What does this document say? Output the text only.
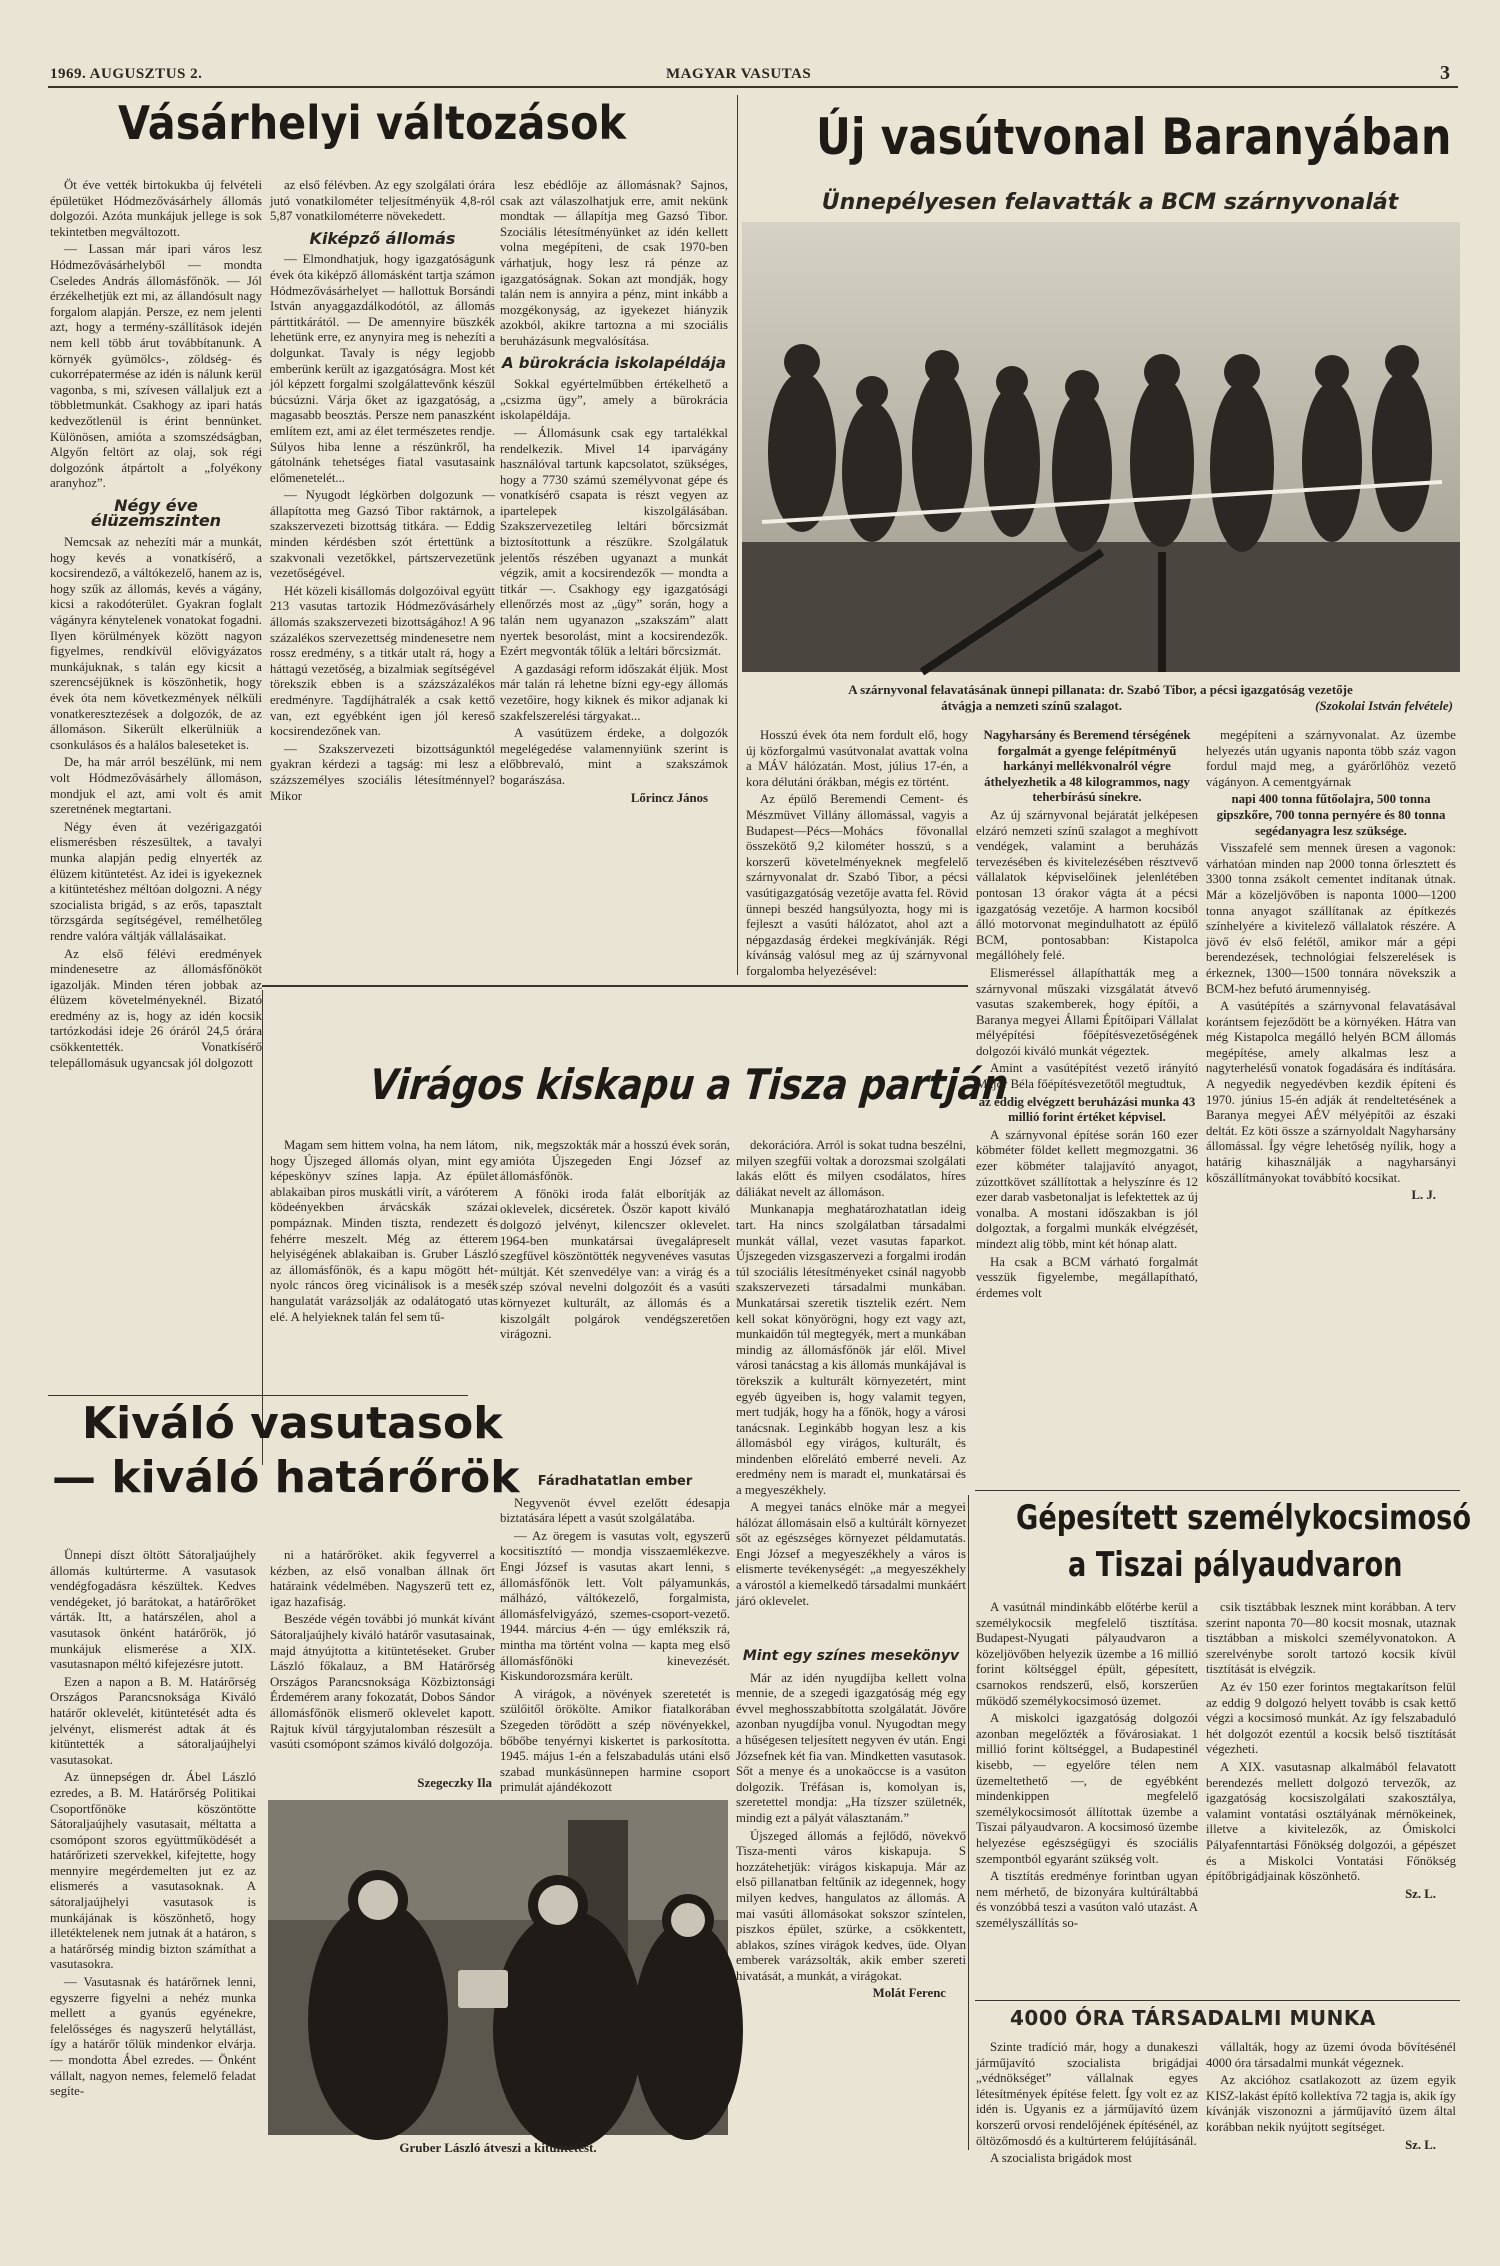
1969. AUGUSZTUS 2.	MAGYAR VASUTAS	3
Vásárhelyi változások

Öt éve vették birtokukba új felvételi épületüket Hódmezővásárhely állomás dolgozói. Azóta munkájuk jellege is sok tekintetben megváltozott.

— Lassan már ipari város lesz Hódmezővásárhelyből — mondta Cseledes András állomásfőnök. — Jól érzékelhetjük ezt mi, az állandósult nagy forgalom alapján. Persze, ez nem jelenti azt, hogy a termény-szállítások idején nem kell több árut továbbítanunk. A környék gyümölcs-, zöldség- és cukorrépatermése az idén is nálunk kerül vagonba, s mi, szívesen vállaljuk ezt a többletmunkát. Csakhogy az ipari hatás kedvezőtlenül is érint bennünket. Különösen, amióta a szomszédságban, Algyőn feltört az olaj, sok régi dolgozónk átpártolt a „folyékony aranyhoz”.

Négy éve élüzemszinten

Nemcsak az nehezíti már a munkát, hogy kevés a vonatkísérő, a kocsirendező, a váltókezelő, hanem az is, hogy szűk az állomás, kevés a vágány, kicsi a rakodóterület. Gyakran foglalt vágányra kénytelenek vonatokat fogadni. Ilyen körülmények között nagyon figyelmes, rendkívül elővigyázatos munkájuknak, s talán egy kicsit a szerencséjüknek is köszönhetik, hogy évek óta nem következmények nélküli vonatkeresztezések a dolgozók, de az állomáson. Sikerült elkerülniük a csonkulásos és a halálos baleseteket is.

De, ha már arról beszélünk, mi nem volt Hódmezővásárhely állomáson, mondjuk el azt, ami volt és amit szeretnének megtartani.

Négy éven át vezérigazgatói elismerésben részesültek, a tavalyi munka alapján pedig elnyerték az élüzem kitüntetést. Az idei is igyekeznek a kitüntetéshez méltóan dolgozni. A négy szocialista brigád, s az erős, tapasztalt törzsgárda segítségével, remélhetőleg rendre valóra váltják vállalásaikat.

Az első félévi eredmények mindenesetre az állomásfőnököt igazolják. Minden téren jobbak az élüzem követelményeknél. Bizató eredmény az is, hogy az idén kocsik tartózkodási ideje 26 óráról 24,5 órára csökkentették. Vonatkísérő telepállomásuk ugyancsak jól dolgozott

az első félévben. Az egy szolgálati órára jutó vonatkilométer teljesítményük 4,8-ról 5,87 vonatkilométerre növekedett.

Kiképző állomás

— Elmondhatjuk, hogy igazgatóságunk évek óta kiképző állomásként tartja számon Hódmezővásárhelyet — hallottuk Borsándi István anyaggazdálkodótól, az állomás párttitkárától. — De amennyire büszkék lehetünk erre, ez anynyira meg is nehezíti a dolgunkat. Tavaly is négy legjobb emberünk került az igazgatóságra. Most két jól képzett forgalmi szolgálattevőnk készül búcsúzni. Várja őket az igazgatóság, a magasabb beosztás. Persze nem panaszként említem ezt, ami az élet természetes rendje. Súlyos hiba lenne a részünkről, ha gátolnánk tehetséges fiatal vasutasaink előmenetelét...

— Nyugodt légkörben dolgozunk — állapította meg Gazsó Tibor raktárnok, a szakszervezeti bizottság titkára. — Eddig minden kérdésben szót értettünk a szakvonali vezetőkkel, pártszervezetünk vezetőségével.

Hét közeli kisállomás dolgozóival együtt 213 vasutas tartozik Hódmezővásárhely állomás szakszervezeti bizottságához! A 96 százalékos szervezettség mindenesetre nem rossz eredmény, s a titkár utalt rá, hogy a háttagú vezetőség, a bizalmiak segítségével törekszik ebben is a százszázalékos eredményre. Tagdíjhátralék a csak kettő van, ezt egyébként igen jól kereső kocsirendezőnek van.

— Szakszervezeti bizottságunktól gyakran kérdezi a tagság: mi lesz a százszemélyes szociális létesítménnyel? Mikor

lesz ebédlője az állomásnak? Sajnos, csak azt válaszolhatjuk erre, amit nekünk mondtak — állapítja meg Gazsó Tibor. Szociális létesítményünket az idén kellett volna megépíteni, de csak 1970-ben várhatjuk, hogy lesz rá pénze az igazgatóságnak. Sokan azt mondják, hogy talán nem is annyira a pénz, mint inkább a mozgékonyság, az igyekezet hiányzik azokból, akikre tartozna a mi szociális beruházásunk megvalósítása.

A bürokrácia iskolapéldája

Sokkal egyértelműbben értékelhető a „csizma ügy”, amely a bürokrácia iskolapéldája.

— Állomásunk csak egy tartalékkal rendelkezik. Mivel 14 iparvágány használóval tartunk kapcsolatot, szükséges, hogy a 7730 számú személyvonat gépe és vonatkísérő csapata is részt vegyen az ipartelepek kiszolgálásában. Szakszervezetileg leltári bőrcsizmát biztosítottunk a részükre. Szolgálatuk jelentős részében ugyanazt a munkát végzik, amit a kocsirendezők — mondta a titkár —. Csakhogy egy igazgatósági ellenőrzés most az „ügy” során, hogy a talán nem ugyanazon „szakszám” alatt nyertek besorolást, mint a kocsirendezők. Ezért megvonták tőlük a leltári bőrcsizmát.

A gazdasági reform időszakát éljük. Most már talán rá lehetne bízni egy-egy állomás vezetőire, hogy kiknek és mikor adjanak ki szakfelszerelési tárgyakat...

A vasútüzem érdeke, a dolgozók megelégedése valamennyiünk szerint is előbbrevaló, mint a szakszámok bogarászása.

Lőrincz János

Új vasútvonal Baranyában
Ünnepélyesen felavatták a BCM szárnyvonalát
A szárnyvonal felavatásának ünnepi pillanata: dr. Szabó Tibor, a pécsi igazgatóság vezetője
átvágja a nemzeti színű szalagot.	(Szokolai István felvétele)

Hosszú évek óta nem fordult elő, hogy új közforgalmú vasútvonalat avattak volna a MÁV hálózatán. Most, július 17-én, a kora délutáni órákban, mégis ez történt.

Az épülő Beremendi Cement- és Mészmüvet Villány állomással, vagyis a Budapest—Pécs—Mohács fővonallal összekötő 9,2 kilométer hosszú, s a korszerű követelményeknek megfelelő szárnyvonalat dr. Szabó Tibor, a pécsi vasútigazgatóság vezetője avatta fel. Rövid ünnepi beszéd hangsúlyozta, hogy mi is fejleszt a vasúti hálózatot, ahol azt a népgazdaság érdekei megkívánják. Régi kívánság valósul meg az új szárnyvonal forgalomba helyezésével:

Nagyharsány és Beremend térségének forgalmát a gyenge felépítményű harkányi mellékvonalról végre áthelyezhetik a 48 kilogrammos, nagy teherbírású sínekre.

Az új szárnyvonal bejáratát jelképesen elzáró nemzeti színű szalagot a meghívott vendégek, valamint a beruházás tervezésében és kivitelezésében résztvevő vállalatok képviselőinek jelenlétében pontosan 13 órakor vágta át a pécsi igazgatóság vezetője. A harmon kocsiból álló motorvonat megindulhatott az épülő BCM, pontosabban: Kistapolca megállóhely felé.

Elismeréssel állapíthatták meg a szárnyvonal műszaki vizsgálatát átvevő vasutas szakemberek, hogy építői, a Baranya megyei Állami Építőipari Vállalat mélyépítési főépítésvezetőségének dolgozói kiváló munkát végeztek.

Amint a vasútépítést vezető irányító Major Béla főépítésvezetőtől megtudtuk,

az eddig elvégzett beruházási munka 43 millió forint értéket képvisel.

A szárnyvonal építése során 160 ezer köbméter földet kellett megmozgatni. 36 ezer köbméter talajjavító anyagot, zúzottkövet szállítottak a helyszínre és 12 ezer darab vasbetonaljat is lefektettek az új vonalba. A mostani időszakban is jól dolgoztak, a forgalmi munkák elvégzését, mindezt alig több, mint két hónap alatt.

Ha csak a BCM várható forgalmát vesszük figyelembe, megállapítható, érdemes volt

megépíteni a szárnyvonalat. Az üzembe helyezés után ugyanis naponta több száz vagon fordul majd meg, a gyárőrlőhöz vezető vágányon. A cementgyárnak

napi 400 tonna fűtőolajra, 500 tonna gipszkőre, 700 tonna pernyére és 80 tonna segédanyagra lesz szüksége.

Visszafelé sem mennek üresen a vagonok: várhatóan minden nap 2000 tonna őrlesztett és 3300 tonna zsákolt cementet indítanak útnak. Már a közeljövőben is naponta 1000—1200 tonna anyagot szállítanak az építkezés színhelyére a kivitelező vállalatok részére. A jövő év első felétől, amikor már a gépi berendezések, technológiai felszerelések is érkeznek, 1300—1500 tonnára növekszik a BCM-hez befutó árumennyiség.

A vasútépítés a szárnyvonal felavatásával korántsem fejeződött be a környéken. Hátra van még Kistapolca megálló helyén BCM állomás megépítése, amely alkalmas lesz a nagyterhelésű vonatok fogadására és indítására. A negyedik negyedévben kezdik építeni és 1970. június 15-én adják át rendeltetésének a Baranya megyei AÉV mélyépítői az északi deltát. Ez köti össze a szárnyoldalt Nagyharsány állomással. Így végre lehetőség nyílik, hogy a határig kihasználják a nagyharsányi kőszállítmányokat továbbító kocsikat.

L. J.

Virágos kiskapu a Tisza partján

Magam sem hittem volna, ha nem látom, hogy Újszeged állomás olyan, mint egy képeskönyv színes lapja. Az épület ablakaiban piros muskátli virít, a váróterem ködeényekben árvácskák százai pompáznak. Minden tiszta, rendezett és fehérre meszelt. Még az étterem helyiségének ablakaiban is. Gruber László az állomásfőnök, és a kapu mögött hét-nyolc ráncos öreg vicinálisok is a mesék hangulatát varázsolják az odalátogató utas elé. A helyieknek talán fel sem tű-

nik, megszokták már a hosszú évek során, amióta Újszegeden Engi József az állomásfőnök.

A főnöki iroda falát elborítják az oklevelek, dicséretek. Öször kapott kiváló dolgozó jelvényt, kilencszer oklevelet. 1964-ben munkatársai üvegalápreselt szegfűvel köszöntötték negyvenéves vasutas múltját. Két szenvedélye van: a virág és a szép szóval nevelni dolgozóit és a vasúti környezet kulturált, az állomás és a kiszolgált polgárok vendégszeretően virágozni.

dekorációra. Arról is sokat tudna beszélni, milyen szegfűi voltak a dorozsmai szolgálati lakás előtt és milyen csodálatos, híres dáliákat nevelt az állomáson.

Munkanapja meghatározhatatlan ideig tart. Ha nincs szolgálatban társadalmi munkát vállal, vezet vasutas faparkot. Újszegeden vizsgaszervezi a forgalmi irodán túl szociális létesítményeket csinál nagyobb szakszervezeti társadalmi munkában. Munkatársai szeretik tisztelik ezért. Nem kell sokat könyörögni, hogy ezt vagy azt, munkaidőn túl megtegyék, mert a munkában mindig az állomásfőnök jár elől. Mivel városi tanácstag a kis állomás munkájával is törekszik a kulturált környezetért, mint egyéb ügyeiben is, hogy valamit tegyen, mert tudják, hogy ha a főnök, hogy a városi tanácsnak. Leginkább hogyan lesz a kis állomásból egy virágos, kulturált, és mindenben előrelátó emberré neveli. Az eredmény nem is maradt el, munkatársai és a megyeszékhely.

Fáradhatatlan ember

Negyvenöt évvel ezelőtt édesapja biztatására lépett a vasút szolgálatába.

— Az öregem is vasutas volt, egyszerű kocsitisztító — mondja visszaemlékezve. Engi József is vasutas akart lenni, s állomásfőnök lett. Volt pályamunkás, málházó, váltókezelő, forgalmista, állomásfelvigyázó, szemes-csoport-vezető. 1944. március 4-én — úgy emlékszik rá, mintha ma történt volna — kapta meg első állomásfőnöki kinevezését. Kiskundorozsmára került.

A virágok, a növények szeretetét is szülőitől örökölte. Amikor fiatalkorában Szegeden törődött a szép növényekkel, bőbőbe tenyérnyi kiskertet is parkosította. 1945. május 1-én a felszabadulás utáni első szabad munkásünnepen harmine csoport primulát ajándékozott

A megyei tanács elnöke már a megyei hálózat állomásain első a kultúrált környezet sőt az egészséges környezet példamutatás. Engi József a megyeszékhely a város is elismerte tevékenységét: „a megyeszékhely a várostól a kiemelkedő társadalmi munkáért járó oklevelet.

Mint egy színes mesekönyv

Már az idén nyugdíjba kellett volna mennie, de a szegedi igazgatóság még egy évvel meghosszabbította szolgálatát. Jövőre azonban nyugdíjba vonul. Nyugodtan megy a hűségesen teljesített negyven év után. Engi Józsefnek két fia van. Mindketten vasutasok. Sőt a menye és a unokaöccse is a vasúton dolgozik. Tréfásan is, komolyan is, szeretettel mondja: „Ha tízszer születnék, mindig ezt a pályát választanám.”

Újszeged állomás a fejlődő, növekvő Tisza-menti város kiskapuja. S hozzátehetjük: virágos kiskapuja. Már az első pillanatban feltűnik az idegennek, hogy milyen kedves, hangulatos az állomás. A mai vasúti állomásokat sokszor színtelen, piszkos épület, szürke, a csökkentett, ablakos, színes virágok kedves, üde. Olyan emberek varázsolták, akik ember szereti hivatását, a munkát, a virágokat.

Molát Ferenc

Kiváló vasutasok
— kiváló határőrök

Ünnepi díszt öltött Sátoraljaújhely állomás kultúrterme. A vasutasok vendégfogadásra készültek. Kedves vendégeket, jó barátokat, a határőröket várták. Itt, a határszélen, ahol a vasutasok önként határőrök, jó munkájuk elismerése a XIX. vasutasnapon méltó kifejezésre jutott.

Ezen a napon a B. M. Határőrség Országos Parancsnoksága Kiváló határőr oklevelét, kitüntetését adta és jelvényt, elismerést adtak át és kitüntették a sátoraljaújhelyi vasutasokat.

Az ünnepségen dr. Ábel László ezredes, a B. M. Határőrség Politikai Csoportfőnöke köszöntötte Sátoraljaújhely vasutasait, méltatta a csomópont szoros együttműködését a határőrizeti szervekkel, kifejtette, hogy mennyire megérdemelten jut ez az elismerés a vasutasoknak. A sátoraljaújhelyi vasutasok is munkájának is köszönhető, hogy illetéktelenek nem jutnak át a határon, s a határőrség mindig bizton számíthat a vasutasokra.

— Vasutasnak és határőrnek lenni, egyszerre figyelni a nehéz munka mellett a gyanús egyénekre, felelősséges és nagyszerű helytállást, így a határőr tőlük mindenkor elvárja. — mondotta Ábel ezredes. — Önként vállalt, nagyon nemes, felemelő feladat segíte-

ni a határőröket. akik fegyverrel a kézben, az első vonalban állnak őrt határaink védelmében. Nagyszerű tett ez, igaz hazafiság.

Beszéde végén további jó munkát kívánt Sátoraljaújhely kiváló határőr vasutasainak, majd átnyújtotta a kitüntetéseket. Gruber László főkalauz, a BM Határőrség Országos Parancsnoksága Közbiztonsági Érdemérem arany fokozatát, Dobos Sándor állomásfőnök elismerő oklevelet kapott. Rajtuk kívül tárgyjutalomban részesült a vasúti csomópont számos kiváló dolgozója.

Szegeczky Ila
Gruber László átveszi a kitüntetést.
Gépesített személykocsimosó
a Tiszai pályaudvaron

A vasútnál mindinkább előtérbe kerül a személykocsik megfelelő tisztítása. Budapest-Nyugati pályaudvaron a közeljövőben helyezik üzembe a 16 millió forint költséggel épült, gépesített, csarnokos rendszerű, első, korszerűen működő személykocsimosó üzemet.

A miskolci igazgatóság dolgozói azonban megelőzték a fővárosiakat. 1 millió forint költséggel, a Budapestinél kisebb, — egyelőre télen nem üzemeltethető —, de egyébként mindenkippen megfelelő személykocsimosót állítottak üzembe a Tiszai pályaudvaron. A kocsimosó üzembe helyezése egészségügyi és szociális szempontból egyaránt szükség volt.

A tisztítás eredménye forintban ugyan nem mérhető, de bizonyára kultúráltabbá és vonzóbbá teszi a vasúton való utazást. A személyszállítás so-

csik tisztábbak lesznek mint korábban. A terv szerint naponta 70—80 kocsit mosnak, utaznak tisztábban a miskolci személyvonatokon. A szerelvénybe sorolt tartozó kocsik kívül tisztítását is elvégzik.

Az év 150 ezer forintos megtakarítson felül az eddig 9 dolgozó helyett tovább is csak kettő végzi a kocsimosó munkát. Az így felszabaduló hét dolgozót ezentúl a kocsik belső tisztítását végezheti.

A XIX. vasutasnap alkalmából felavatott berendezés mellett dolgozó tervezők, az igazgatóság kocsiszolgálati szakosztálya, valamint vontatási osztályának mérnökeinek, illetve a kivitelezők, az Ómiskolci Pályafenntartási Főnökség dolgozói, a gépészet és a Miskolci Vontatási Főnökség építőbrigádjainak köszönhető.

Sz. L.

4000 ÓRA TÁRSADALMI MUNKA

Szinte tradíció már, hogy a dunakeszi járműjavító szocialista brigádjai „védnökséget” vállalnak egyes létesítmények építése felett. Így volt ez az idén is. Ugyanis ez a járműjavító üzem korszerű orvosi rendelőjének építésénél, az öltözőmosdó és a kultúrterem felújításánál.

A szocialista brigádok most

vállalták, hogy az üzemi óvoda bővítésénél 4000 óra társadalmi munkát végeznek.

Az akcióhoz csatlakozott az üzem egyik KISZ-lakást építő kollektíva 72 tagja is, akik így kívánják viszonozni a járműjavító üzem által korábban nekik nyújtott segítséget.

Sz. L.
